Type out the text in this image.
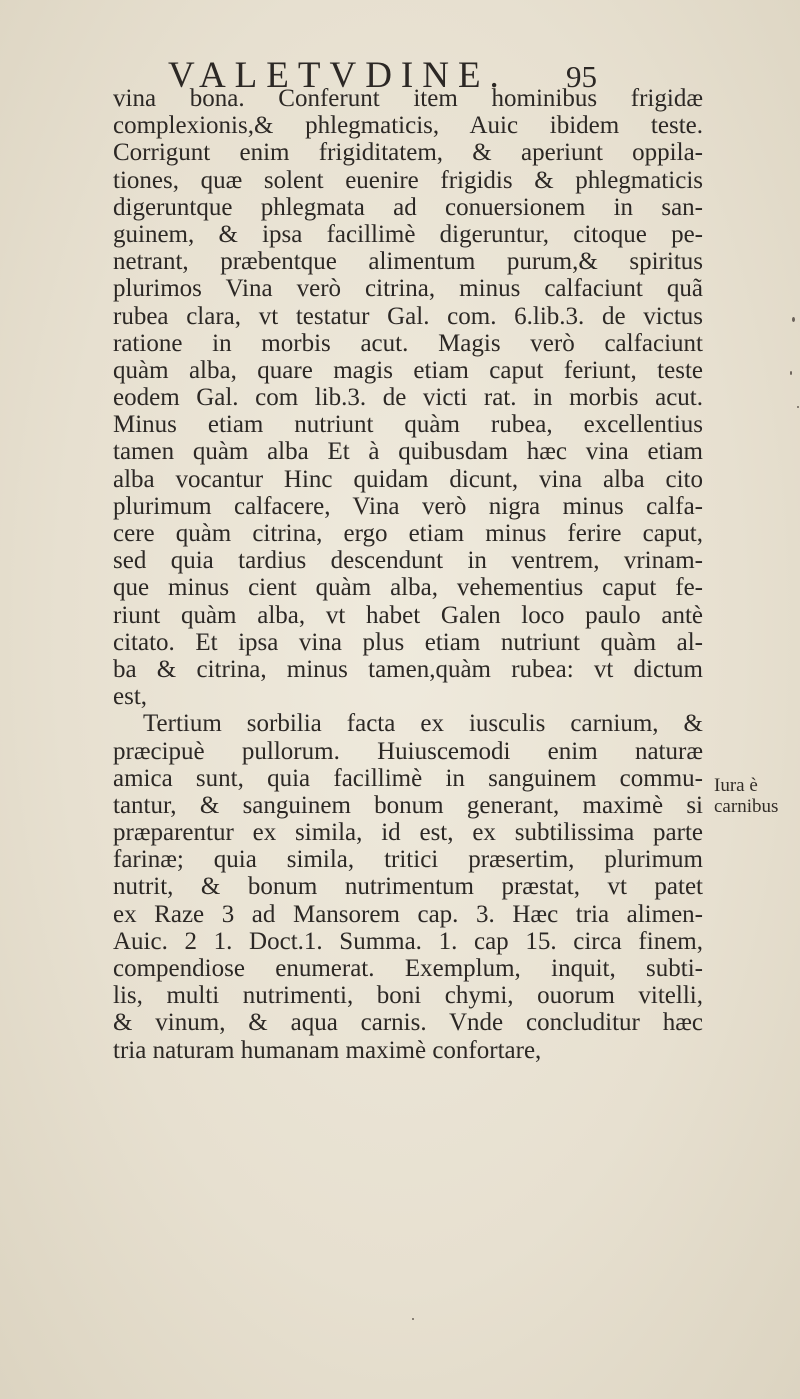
VALETVDINE. 95
vina bona. Conferunt item hominibus frigidæ
complexionis,& phlegmaticis, Auic ibidem teste.
Corrigunt enim frigiditatem, & aperiunt oppila-
tiones, quæ solent euenire frigidis & phlegmaticis
digeruntque phlegmata ad conuersionem in san-
guinem, & ipsa facillimè digeruntur, citoque pe-
netrant, præbentque alimentum purum,& spiritus
plurimos Vina verò citrina, minus calfaciunt quã
rubea clara, vt testatur Gal. com. 6.lib.3. de victus
ratione in morbis acut. Magis verò calfaciunt
quàm alba, quare magis etiam caput feriunt, teste
eodem Gal. com lib.3. de victi rat. in morbis acut.
Minus etiam nutriunt quàm rubea, excellentius
tamen quàm alba Et à quibusdam hæc vina etiam
alba vocantur Hinc quidam dicunt, vina alba cito
plurimum calfacere, Vina verò nigra minus calfa-
cere quàm citrina, ergo etiam minus ferire caput,
sed quia tardius descendunt in ventrem, vrinam-
que minus cient quàm alba, vehementius caput fe-
riunt quàm alba, vt habet Galen loco paulo antè
citato. Et ipsa vina plus etiam nutriunt quàm al-
ba & citrina, minus tamen,quàm rubea: vt dictum
est,
Tertium sorbilia facta ex iusculis carnium, &
præcipuè pullorum. Huiuscemodi enim naturæ
amica sunt, quia facillimè in sanguinem commu-
tantur, & sanguinem bonum generant, maximè si
præparentur ex simila, id est, ex subtilissima parte
farinæ; quia simila, tritici præsertim, plurimum
nutrit, & bonum nutrimentum præstat, vt patet
ex Raze 3 ad Mansorem cap. 3. Hæc tria alimen-
Auic. 2 1. Doct.1. Summa. 1. cap 15. circa finem,
compendiose enumerat. Exemplum, inquit, subti-
lis, multi nutrimenti, boni chymi, ouorum vitelli,
& vinum, & aqua carnis. Vnde concluditur hæc
tria naturam humanam maximè confortare,
Iura è
carnibus
